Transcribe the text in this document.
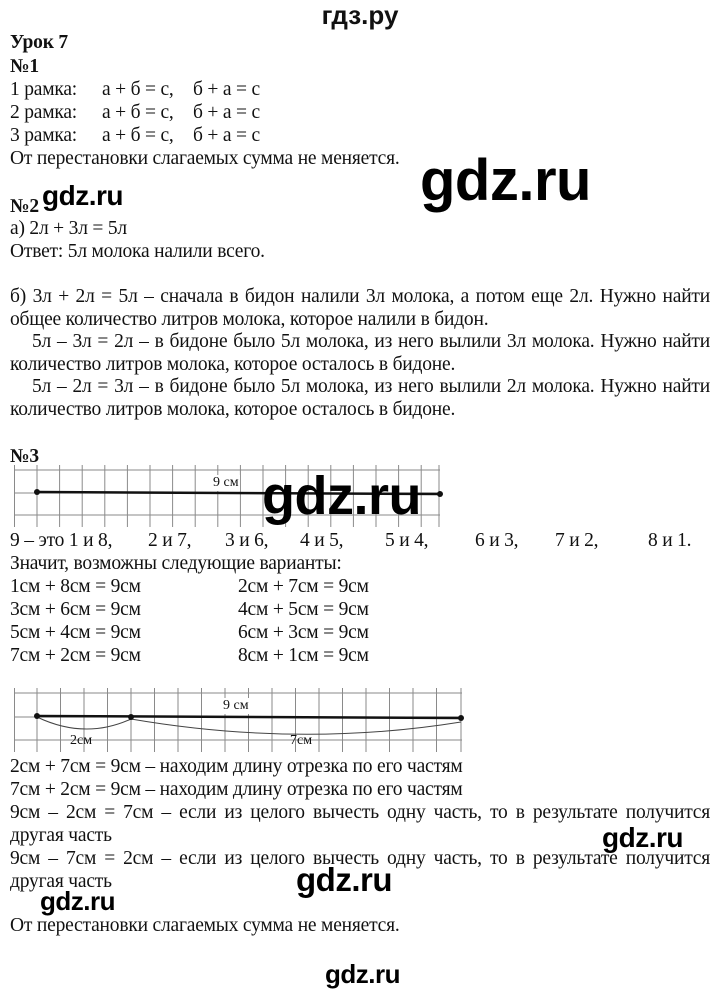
гдз.ру
Урок 7
№1
1 рамка: а + б = с, б + а = с
2 рамка: а + б = с, б + а = с
3 рамка: а + б = с, б + а = с
От перестановки слагаемых сумма не меняется. gdz.ru
№2 gdz.ru
а) 2л + 3л = 5л
Ответ: 5л молока налили всего.
б) 3л + 2л = 5л – сначала в бидон налили 3л молока, а потом еще 2л. Нужно найти общее количество литров молока, которое налили в бидон.
5л – 3л = 2л – в бидоне было 5л молока, из него вылили 3л молока. Нужно найти количество литров молока, которое осталось в бидоне.
5л – 2л = 3л – в бидоне было 5л молока, из него вылили 2л молока. Нужно найти количество литров молока, которое осталось в бидоне.
№3
9 см gdz.ru
9 – это 1 и 8, 2 и 7, 3 и 6, 4 и 5, 5 и 4, 6 и 3, 7 и 2,	8 и 1.
Значит, возможны следующие варианты:
1см + 8см = 9см	2см + 7см = 9см
3см + 6см = 9см	4см + 5см = 9см
5см + 4см = 9см	6см + 3см = 9см
7см + 2см = 9см	8см + 1см = 9см
9 см
2см	7см
2см + 7см = 9см – находим длину отрезка по его частям
7см + 2см = 9см – находим длину отрезка по его частям
9см – 2см = 7см – если из целого вычесть одну часть, то в результате получится другая часть	gdz.ru
9см – 7см = 2см – если из целого вычесть одну часть, то в результате получится другая часть	gdz.ru
gdz.ru
От перестановки слагаемых сумма не меняется.
gdz.ru
